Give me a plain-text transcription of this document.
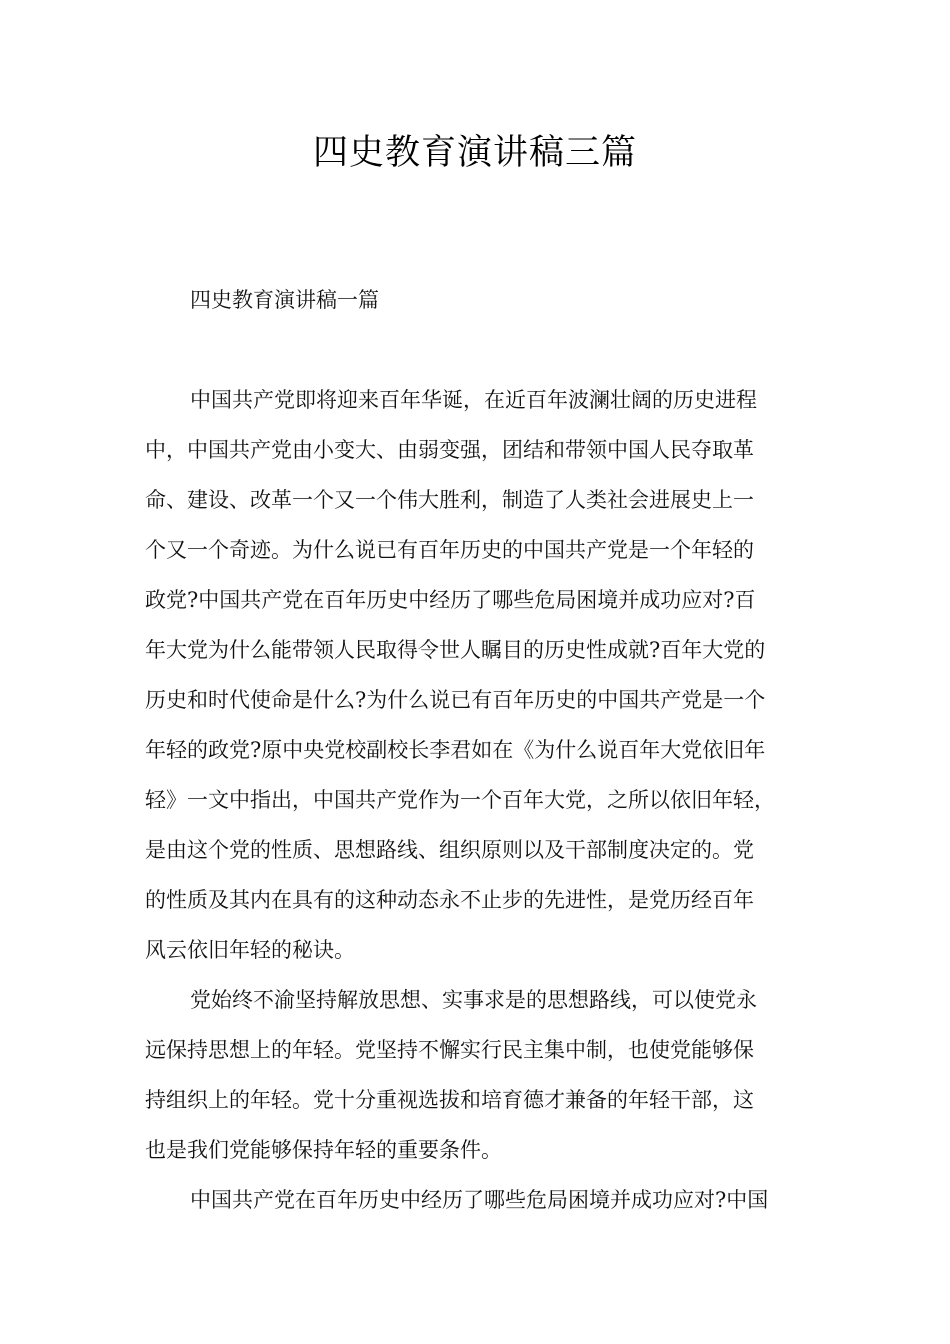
四史教育演讲稿三篇
四史教育演讲稿一篇
中国共产党即将迎来百年华诞，在近百年波澜壮阔的历史进程
中，中国共产党由小变大、由弱变强，团结和带领中国人民夺取革
命、建设、改革一个又一个伟大胜利，制造了人类社会进展史上一
个又一个奇迹。为什么说已有百年历史的中国共产党是一个年轻的
政党?中国共产党在百年历史中经历了哪些危局困境并成功应对?百
年大党为什么能带领人民取得令世人瞩目的历史性成就?百年大党的
历史和时代使命是什么?为什么说已有百年历史的中国共产党是一个
年轻的政党?原中央党校副校长李君如在《为什么说百年大党依旧年
轻》一文中指出，中国共产党作为一个百年大党，之所以依旧年轻，
是由这个党的性质、思想路线、组织原则以及干部制度决定的。党
的性质及其内在具有的这种动态永不止步的先进性，是党历经百年
风云依旧年轻的秘诀。
党始终不渝坚持解放思想、实事求是的思想路线，可以使党永
远保持思想上的年轻。党坚持不懈实行民主集中制，也使党能够保
持组织上的年轻。党十分重视选拔和培育德才兼备的年轻干部，这
也是我们党能够保持年轻的重要条件。
中国共产党在百年历史中经历了哪些危局困境并成功应对?中国
